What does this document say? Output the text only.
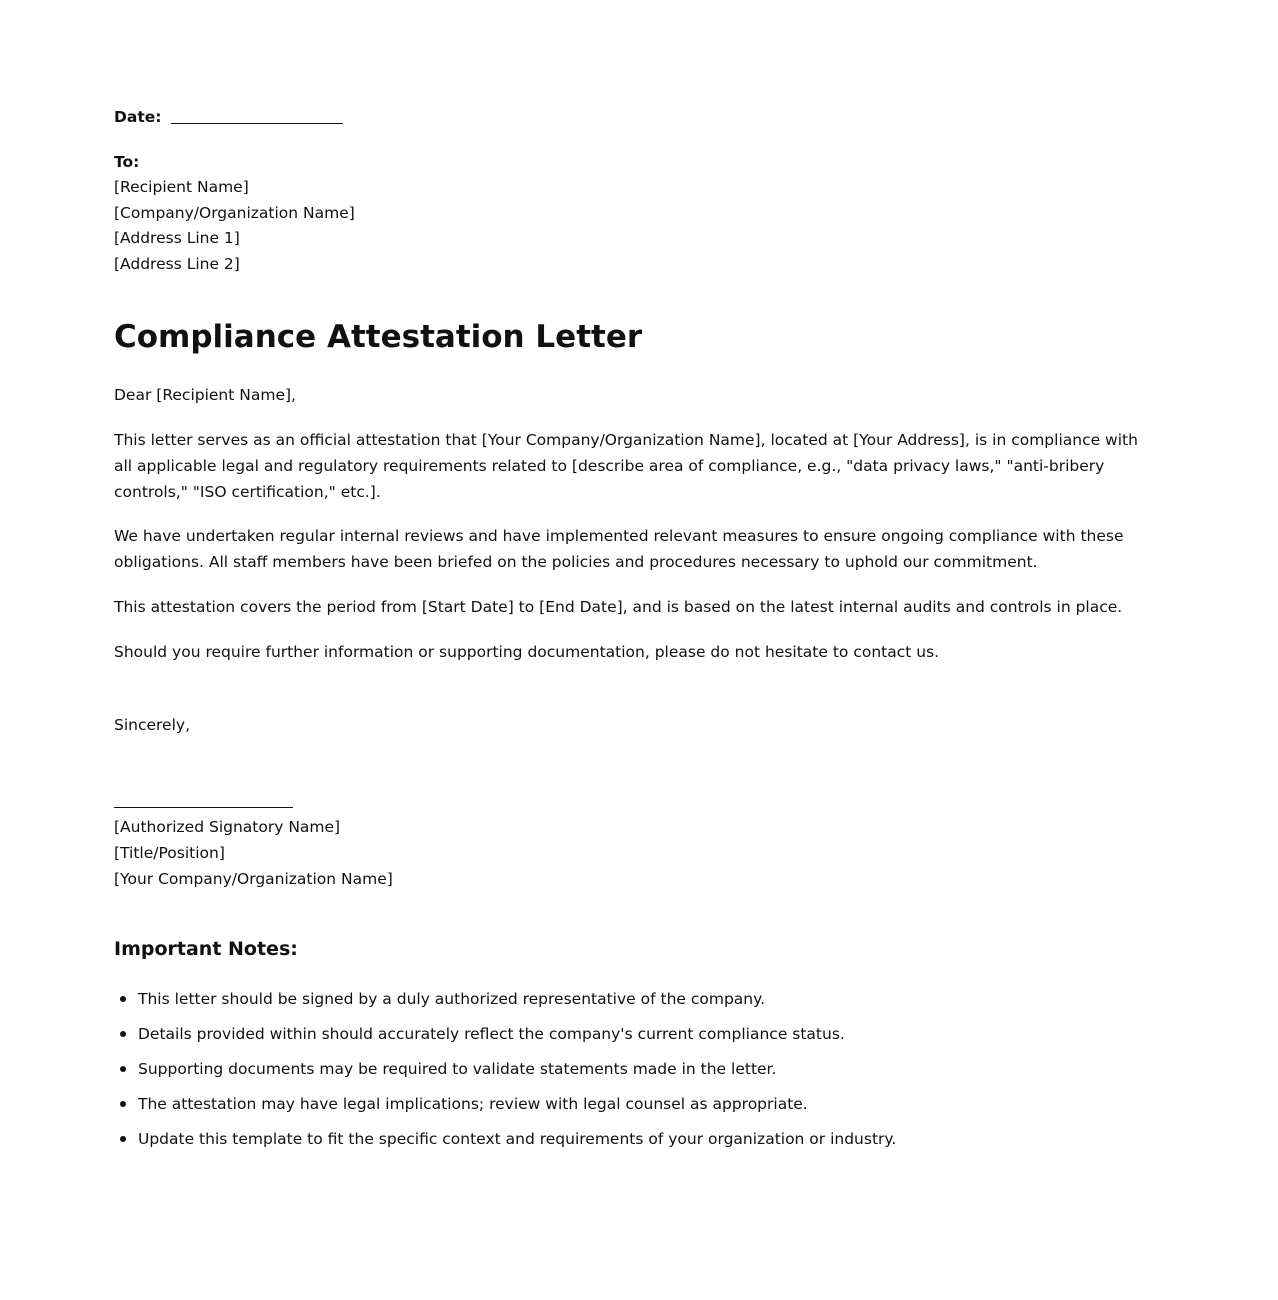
Date:
To:
[Recipient Name]
[Company/Organization Name]
[Address Line 1]
[Address Line 2]
Compliance Attestation Letter

Dear [Recipient Name],

This letter serves as an official attestation that [Your Company/Organization Name], located at [Your Address], is in compliance with all applicable legal and regulatory requirements related to [describe area of compliance, e.g., "data privacy laws," "anti-bribery controls," "ISO certification," etc.].

We have undertaken regular internal reviews and have implemented relevant measures to ensure ongoing compliance with these obligations. All staff members have been briefed on the policies and procedures necessary to uphold our commitment.

This attestation covers the period from [Start Date] to [End Date], and is based on the latest internal audits and controls in place.

Should you require further information or supporting documentation, please do not hesitate to contact us.

Sincerely,

[Authorized Signatory Name]
[Title/Position]
[Your Company/Organization Name]
Important Notes:
This letter should be signed by a duly authorized representative of the company.
Details provided within should accurately reflect the company's current compliance status.
Supporting documents may be required to validate statements made in the letter.
The attestation may have legal implications; review with legal counsel as appropriate.
Update this template to fit the specific context and requirements of your organization or industry.
